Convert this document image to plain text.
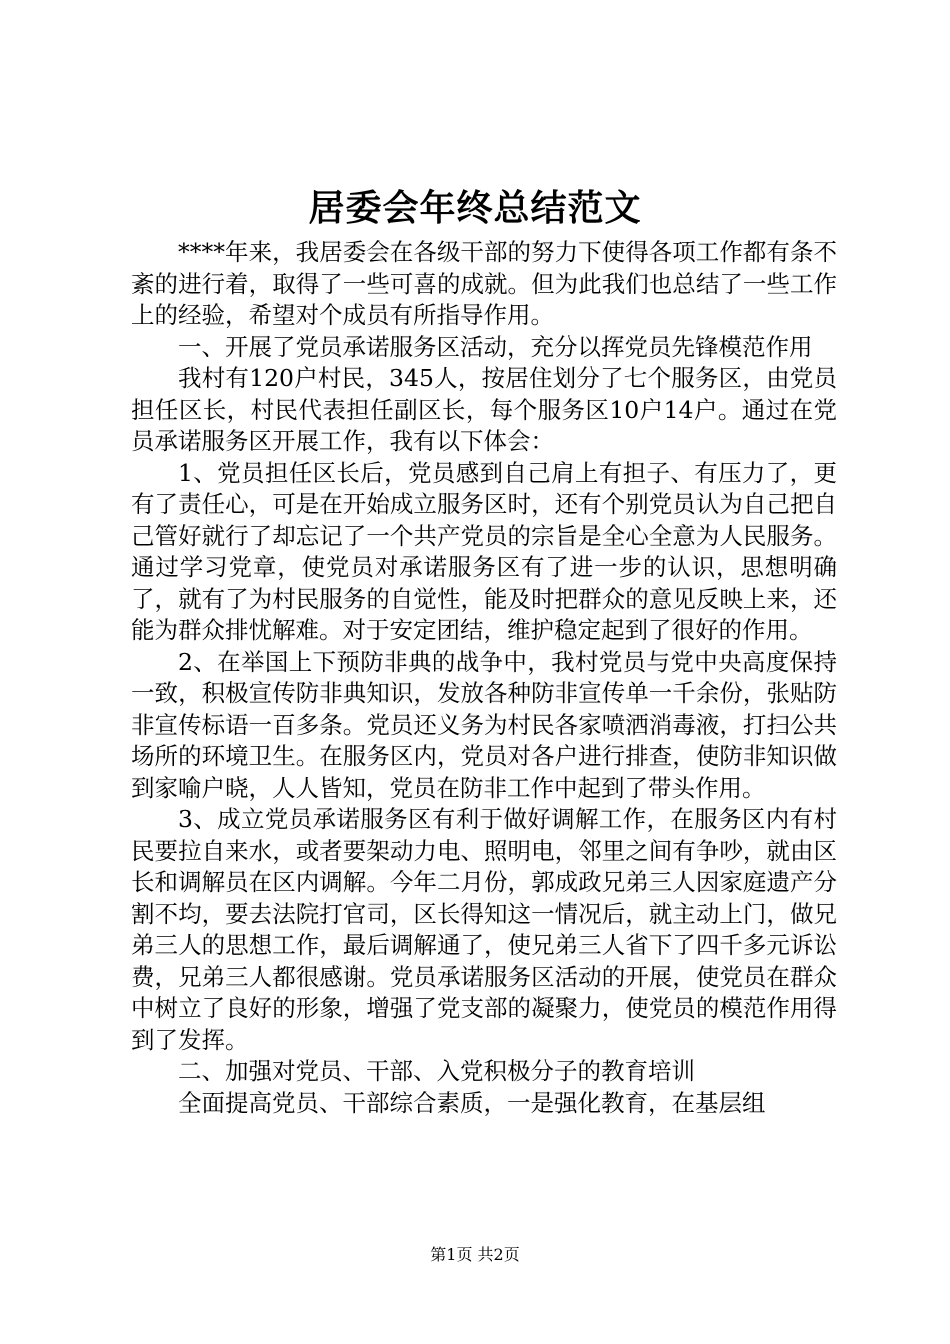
居委会年终总结范文

****年来，我居委会在各级干部的努力下使得各项工作都有条不紊的进行着，取得了一些可喜的成就。但为此我们也总结了一些工作上的经验，希望对个成员有所指导作用。

一、开展了党员承诺服务区活动，充分以挥党员先锋模范作用

我村有120户村民，345人，按居住划分了七个服务区，由党员担任区长，村民代表担任副区长，每个服务区10户14户。通过在党员承诺服务区开展工作，我有以下体会：

1、党员担任区长后，党员感到自己肩上有担子、有压力了，更有了责任心，可是在开始成立服务区时，还有个别党员认为自己把自己管好就行了却忘记了一个共产党员的宗旨是全心全意为人民服务。通过学习党章，使党员对承诺服务区有了进一步的认识，思想明确了，就有了为村民服务的自觉性，能及时把群众的意见反映上来，还能为群众排忧解难。对于安定团结，维护稳定起到了很好的作用。

2、在举国上下预防非典的战争中，我村党员与党中央高度保持一致，积极宣传防非典知识，发放各种防非宣传单一千余份，张贴防非宣传标语一百多条。党员还义务为村民各家喷洒消毒液，打扫公共场所的环境卫生。在服务区内，党员对各户进行排查，使防非知识做到家喻户晓，人人皆知，党员在防非工作中起到了带头作用。

3、成立党员承诺服务区有利于做好调解工作，在服务区内有村民要拉自来水，或者要架动力电、照明电，邻里之间有争吵，就由区长和调解员在区内调解。今年二月份，郭成政兄弟三人因家庭遗产分割不均，要去法院打官司，区长得知这一情况后，就主动上门，做兄弟三人的思想工作，最后调解通了，使兄弟三人省下了四千多元诉讼费，兄弟三人都很感谢。党员承诺服务区活动的开展，使党员在群众中树立了良好的形象，增强了党支部的凝聚力，使党员的模范作用得到了发挥。

二、加强对党员、干部、入党积极分子的教育培训

全面提高党员、干部综合素质，一是强化教育，在基层组

第1页 共2页
